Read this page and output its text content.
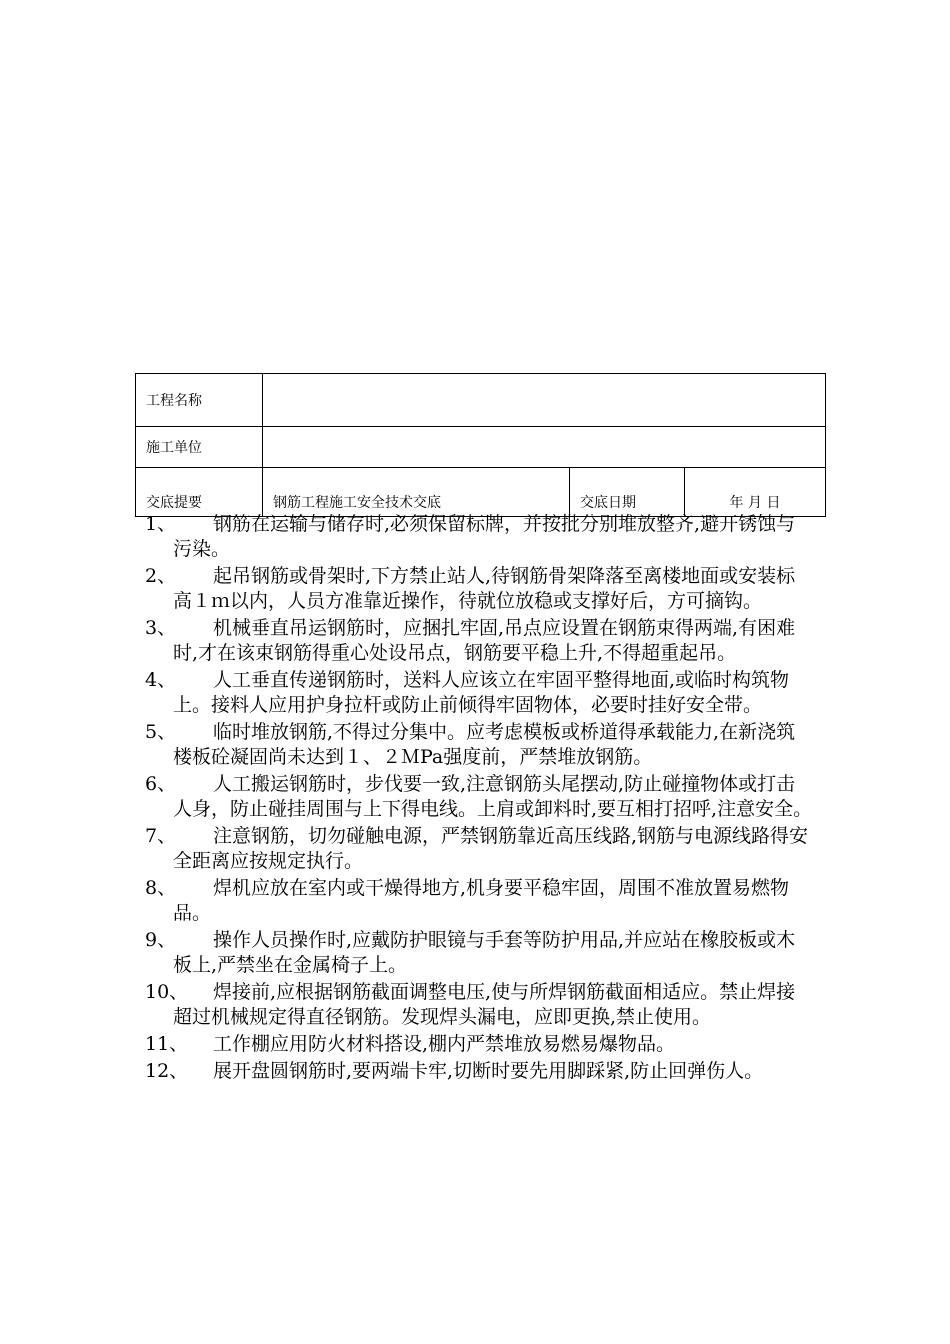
工程名称			
施工单位			
交底提要	钢筋工程施工安全技术交底	交底日期	年 月 日
1、	钢筋在运输与储存时,必须保留标牌，并按批分别堆放整齐,避开锈蚀与污染。
2、	起吊钢筋或骨架时,下方禁止站人,待钢筋骨架降落至离楼地面或安装标高１ｍ以内，人员方准靠近操作，待就位放稳或支撑好后，方可摘钩。
3、	机械垂直吊运钢筋时，应捆扎牢固,吊点应设置在钢筋束得两端,有困难时,才在该束钢筋得重心处设吊点，钢筋要平稳上升,不得超重起吊。
4、	人工垂直传递钢筋时，送料人应该立在牢固平整得地面,或临时构筑物上。接料人应用护身拉杆或防止前倾得牢固物体，必要时挂好安全带。
5、	临时堆放钢筋,不得过分集中。应考虑模板或桥道得承载能力,在新浇筑楼板砼凝固尚未达到１、２ＭPa强度前，严禁堆放钢筋。
6、	人工搬运钢筋时，步伐要一致,注意钢筋头尾摆动,防止碰撞物体或打击人身，防止碰挂周围与上下得电线。上肩或卸料时,要互相打招呼,注意安全。
7、	注意钢筋，切勿碰触电源，严禁钢筋靠近高压线路,钢筋与电源线路得安全距离应按规定执行。
8、	焊机应放在室内或干燥得地方,机身要平稳牢固，周围不准放置易燃物品。
9、	操作人员操作时,应戴防护眼镜与手套等防护用品,并应站在橡胶板或木板上,严禁坐在金属椅子上。
10、	焊接前,应根据钢筋截面调整电压,使与所焊钢筋截面相适应。禁止焊接超过机械规定得直径钢筋。发现焊头漏电，应即更换,禁止使用。
11、	工作棚应用防火材料搭设,棚内严禁堆放易燃易爆物品。
12、	展开盘圆钢筋时,要两端卡牢,切断时要先用脚踩紧,防止回弹伤人。
